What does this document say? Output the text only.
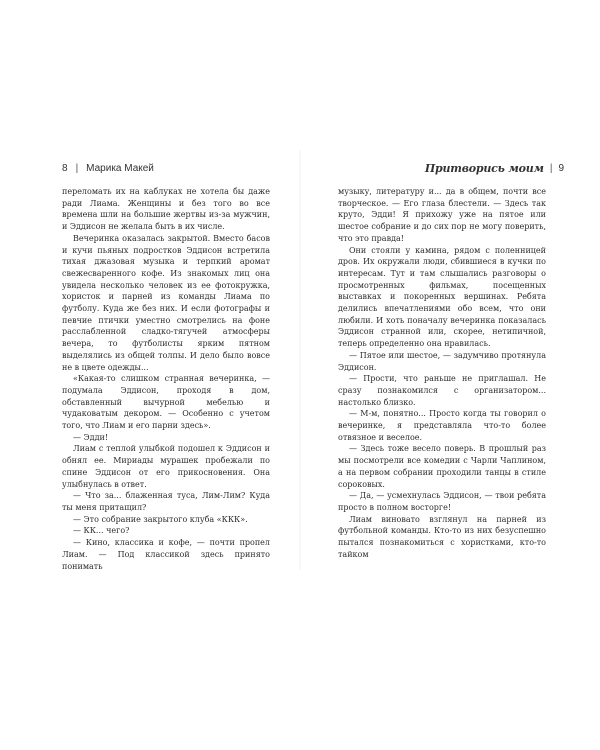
8 | Марика Макей	Притворись моим | 9

переломать их на каблуках не хотела бы даже ради Лиама. Женщины и без того во все времена шли на большие жертвы из-за мужчин, и Эддисон не желала быть в их числе.

Вечеринка оказалась закрытой. Вместо басов и кучи пьяных подростков Эддисон встретила тихая джазовая музыка и терпкий аромат свежесваренного кофе. Из знакомых лиц она увидела несколько человек из ее фотокружка, хористок и парней из команды Лиама по футболу. Куда же без них. И если фотографы и певчие птички уместно смотрелись на фоне расслабленной сладко-тягучей атмосферы вечера, то футболисты ярким пятном выделялись из общей толпы. И дело было вовсе не в цвете одежды...

«Какая-то слишком странная вечеринка, — подумала Эддисон, проходя в дом, обставленный вычурной мебелью и чудаковатым декором. — Особенно с учетом того, что Лиам и его парни здесь».

— Эдди!

Лиам с теплой улыбкой подошел к Эддисон и обнял ее. Мириады мурашек пробежали по спине Эддисон от его прикосновения. Она улыбнулась в ответ.

— Что за... блаженная туса, Лим-Лим? Куда ты меня притащил?

— Это собрание закрытого клуба «ККК».

— КК... чего?

— Кино, классика и кофе, — почти пропел Лиам. — Под классикой здесь принято понимать

музыку, литературу и... да в общем, почти все творческое. — Его глаза блестели. — Здесь так круто, Эдди! Я прихожу уже на пятое или шестое собрание и до сих пор не могу поверить, что это правда!

Они стояли у камина, рядом с поленницей дров. Их окружали люди, сбившиеся в кучки по интересам. Тут и там слышались разговоры о просмотренных фильмах, посещенных выставках и покоренных вершинах. Ребята делились впечатлениями обо всем, что они любили. И хоть поначалу вечеринка показалась Эддисон странной или, скорее, нетипичной, теперь определенно она нравилась.

— Пятое или шестое, — задумчиво протянула Эддисон.

— Прости, что раньше не приглашал. Не сразу познакомился с организатором... настолько близко.

— М-м, понятно... Просто когда ты говорил о вечеринке, я представляла что-то более отвязное и веселое.

— Здесь тоже весело поверь. В прошлый раз мы посмотрели все комедии с Чарли Чаплином, а на первом собрании проходили танцы в стиле сороковых.

— Да, — усмехнулась Эддисон, — твои ребята просто в полном восторге!

Лиам виновато взглянул на парней из футбольной команды. Кто-то из них безуспешно пытался познакомиться с хористками, кто-то тайком
